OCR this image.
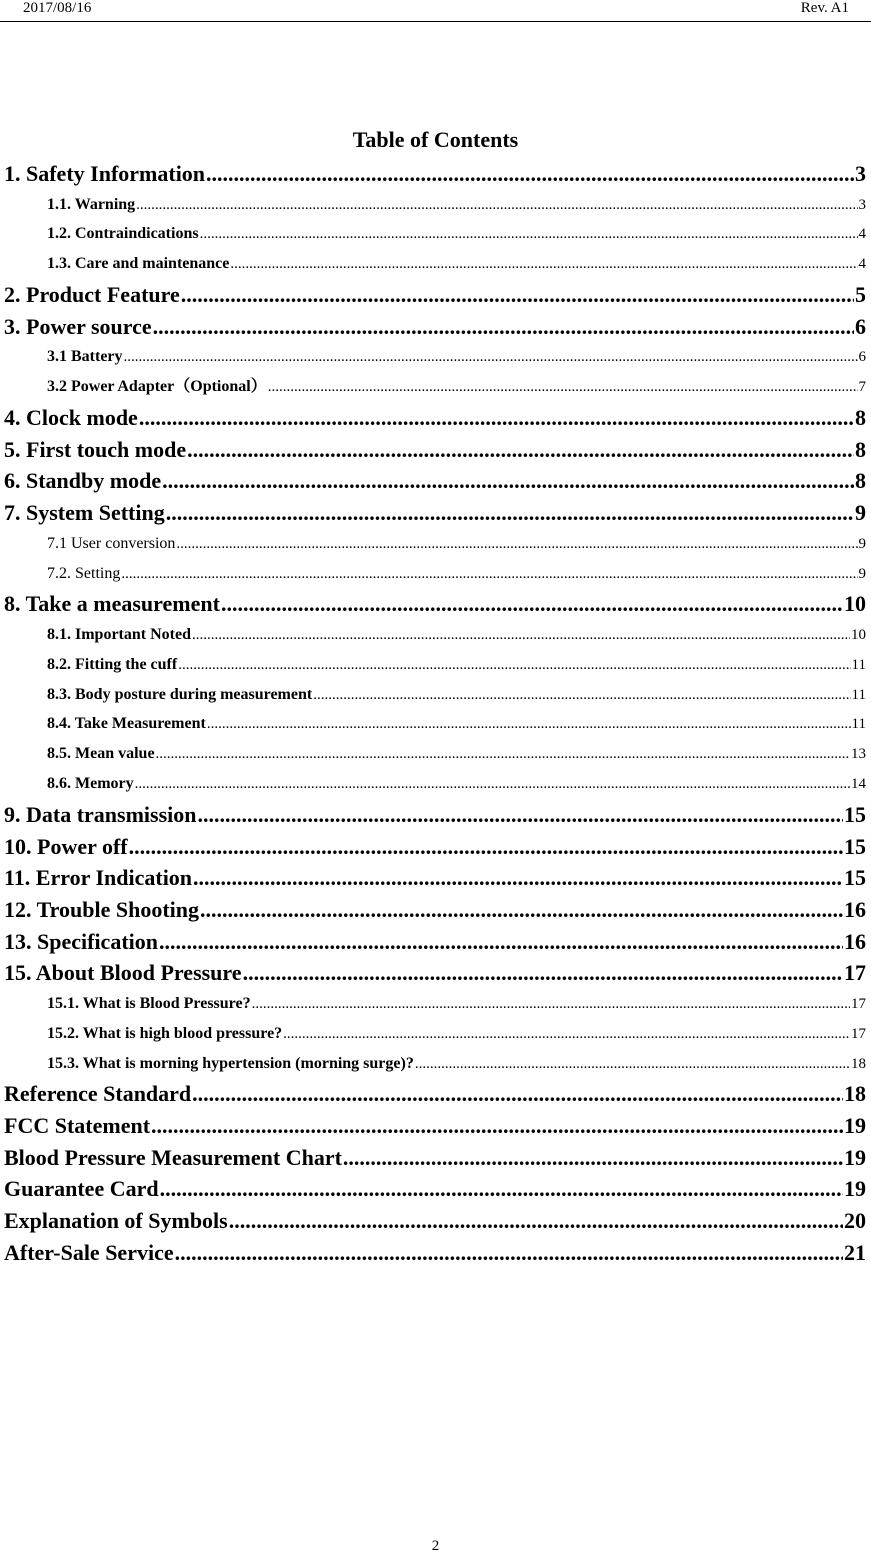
2017/08/16	Rev. A1
Table of Contents
1. Safety Information .....	3
1.1. Warning .....	3
1.2. Contraindications .....	4
1.3. Care and maintenance .....	4
2. Product Feature .....	5
3. Power source .....	6
3.1 Battery .....	6
3.2 Power Adapter（Optional） .....	7
4. Clock mode .....	8
5. First touch mode .....	8
6. Standby mode .....	8
7. System Setting .....	9
7.1 User conversion .....	9
7.2. Setting .....	9
8. Take a measurement .....	10
8.1. Important Noted .....	10
8.2. Fitting the cuff .....	11
8.3. Body posture during measurement .....	11
8.4. Take Measurement .....	11
8.5. Mean value .....	13
8.6. Memory .....	14
9. Data transmission .....	15
10. Power off .....	15
11. Error Indication .....	15
12. Trouble Shooting .....	16
13. Specification .....	16
15. About Blood Pressure .....	17
15.1. What is Blood Pressure? .....	17
15.2. What is high blood pressure? .....	17
15.3. What is morning hypertension (morning surge)? .....	18
Reference Standard .....	18
FCC Statement .....	19
Blood Pressure Measurement Chart .....	19
Guarantee Card .....	19
Explanation of Symbols .....	20
After-Sale Service .....	21
2
